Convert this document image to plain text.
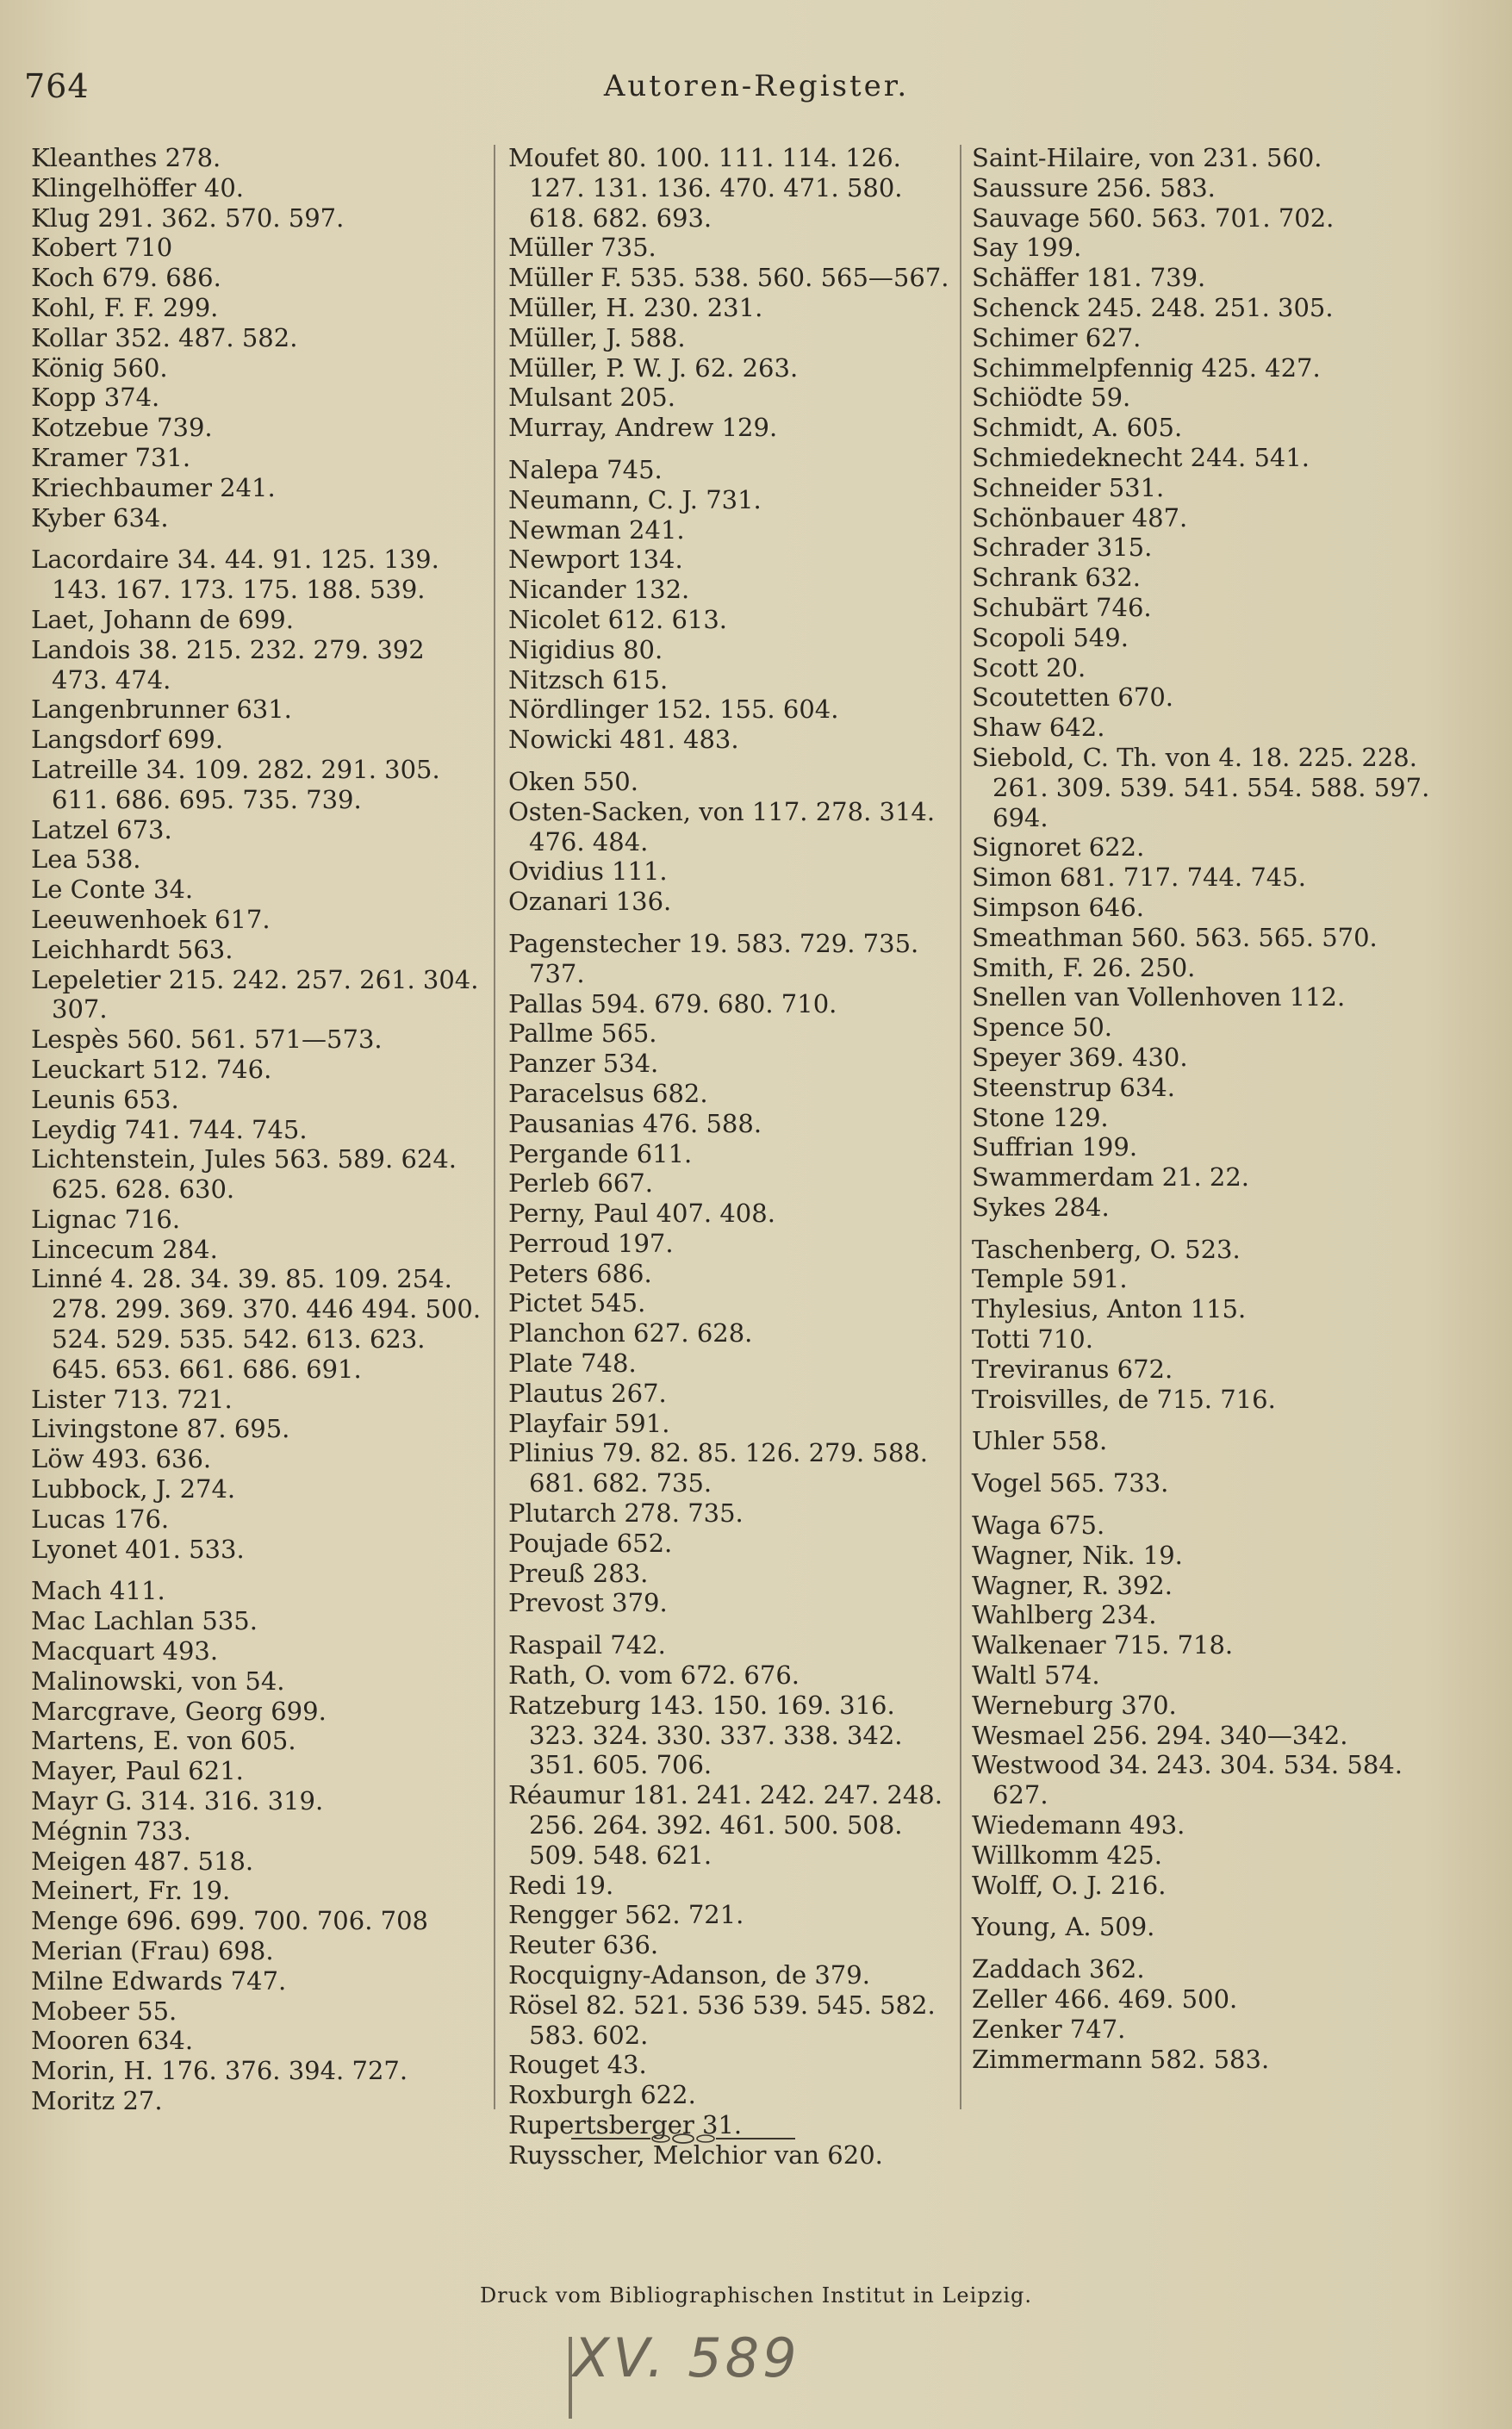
764	Autoren-Register.
Kleanthes 278.
Klingelhöffer 40.
Klug 291. 362. 570. 597.
Kobert 710
Koch 679. 686.
Kohl, F. F. 299.
Kollar 352. 487. 582.
König 560.
Kopp 374.
Kotzebue 739.
Kramer 731.
Kriechbaumer 241.
Kyber 634.
Lacordaire 34. 44. 91. 125. 139. 143. 167. 173. 175. 188. 539.
Laet, Johann de 699.
Landois 38. 215. 232. 279. 392 473. 474.
Langenbrunner 631.
Langsdorf 699.
Latreille 34. 109. 282. 291. 305. 611. 686. 695. 735. 739.
Latzel 673.
Lea 538.
Le Conte 34.
Leeuwenhoek 617.
Leichhardt 563.
Lepeletier 215. 242. 257. 261. 304. 307.
Lespès 560. 561. 571—573.
Leuckart 512. 746.
Leunis 653.
Leydig 741. 744. 745.
Lichtenstein, Jules 563. 589. 624. 625. 628. 630.
Lignac 716.
Lincecum 284.
Linné 4. 28. 34. 39. 85. 109. 254. 278. 299. 369. 370. 446 494. 500. 524. 529. 535. 542. 613. 623. 645. 653. 661. 686. 691.
Lister 713. 721.
Livingstone 87. 695.
Löw 493. 636.
Lubbock, J. 274.
Lucas 176.
Lyonet 401. 533.
Mach 411.
Mac Lachlan 535.
Macquart 493.
Malinowski, von 54.
Marcgrave, Georg 699.
Martens, E. von 605.
Mayer, Paul 621.
Mayr G. 314. 316. 319.
Mégnin 733.
Meigen 487. 518.
Meinert, Fr. 19.
Menge 696. 699. 700. 706. 708
Merian (Frau) 698.
Milne Edwards 747.
Mobeer 55.
Mooren 634.
Morin, H. 176. 376. 394. 727.
Moritz 27.
Moufet 80. 100. 111. 114. 126. 127. 131. 136. 470. 471. 580. 618. 682. 693.
Müller 735.
Müller F. 535. 538. 560. 565—567.
Müller, H. 230. 231.
Müller, J. 588.
Müller, P. W. J. 62. 263.
Mulsant 205.
Murray, Andrew 129.
Nalepa 745.
Neumann, C. J. 731.
Newman 241.
Newport 134.
Nicander 132.
Nicolet 612. 613.
Nigidius 80.
Nitzsch 615.
Nördlinger 152. 155. 604.
Nowicki 481. 483.
Oken 550.
Osten-Sacken, von 117. 278. 314. 476. 484.
Ovidius 111.
Ozanari 136.
Pagenstecher 19. 583. 729. 735. 737.
Pallas 594. 679. 680. 710.
Pallme 565.
Panzer 534.
Paracelsus 682.
Pausanias 476. 588.
Pergande 611.
Perleb 667.
Perny, Paul 407. 408.
Perroud 197.
Peters 686.
Pictet 545.
Planchon 627. 628.
Plate 748.
Plautus 267.
Playfair 591.
Plinius 79. 82. 85. 126. 279. 588. 681. 682. 735.
Plutarch 278. 735.
Poujade 652.
Preuß 283.
Prevost 379.
Raspail 742.
Rath, O. vom 672. 676.
Ratzeburg 143. 150. 169. 316. 323. 324. 330. 337. 338. 342. 351. 605. 706.
Réaumur 181. 241. 242. 247. 248. 256. 264. 392. 461. 500. 508. 509. 548. 621.
Redi 19.
Rengger 562. 721.
Reuter 636.
Rocquigny-Adanson, de 379.
Rösel 82. 521. 536 539. 545. 582. 583. 602.
Rouget 43.
Roxburgh 622.
Rupertsberger 31.
Ruysscher, Melchior van 620.
Saint-Hilaire, von 231. 560.
Saussure 256. 583.
Sauvage 560. 563. 701. 702.
Say 199.
Schäffer 181. 739.
Schenck 245. 248. 251. 305.
Schimer 627.
Schimmelpfennig 425. 427.
Schiödte 59.
Schmidt, A. 605.
Schmiedeknecht 244. 541.
Schneider 531.
Schönbauer 487.
Schrader 315.
Schrank 632.
Schubärt 746.
Scopoli 549.
Scott 20.
Scoutetten 670.
Shaw 642.
Siebold, C. Th. von 4. 18. 225. 228. 261. 309. 539. 541. 554. 588. 597. 694.
Signoret 622.
Simon 681. 717. 744. 745.
Simpson 646.
Smeathman 560. 563. 565. 570.
Smith, F. 26. 250.
Snellen van Vollenhoven 112.
Spence 50.
Speyer 369. 430.
Steenstrup 634.
Stone 129.
Suffrian 199.
Swammerdam 21. 22.
Sykes 284.
Taschenberg, O. 523.
Temple 591.
Thylesius, Anton 115.
Totti 710.
Treviranus 672.
Troisvilles, de 715. 716.
Uhler 558.
Vogel 565. 733.
Waga 675.
Wagner, Nik. 19.
Wagner, R. 392.
Wahlberg 234.
Walkenaer 715. 718.
Waltl 574.
Werneburg 370.
Wesmael 256. 294. 340—342.
Westwood 34. 243. 304. 534. 584. 627.
Wiedemann 493.
Willkomm 425.
Wolff, O. J. 216.
Young, A. 509.
Zaddach 362.
Zeller 466. 469. 500.
Zenker 747.
Zimmermann 582. 583.
Druck vom Bibliographischen Institut in Leipzig.
XV. 589
